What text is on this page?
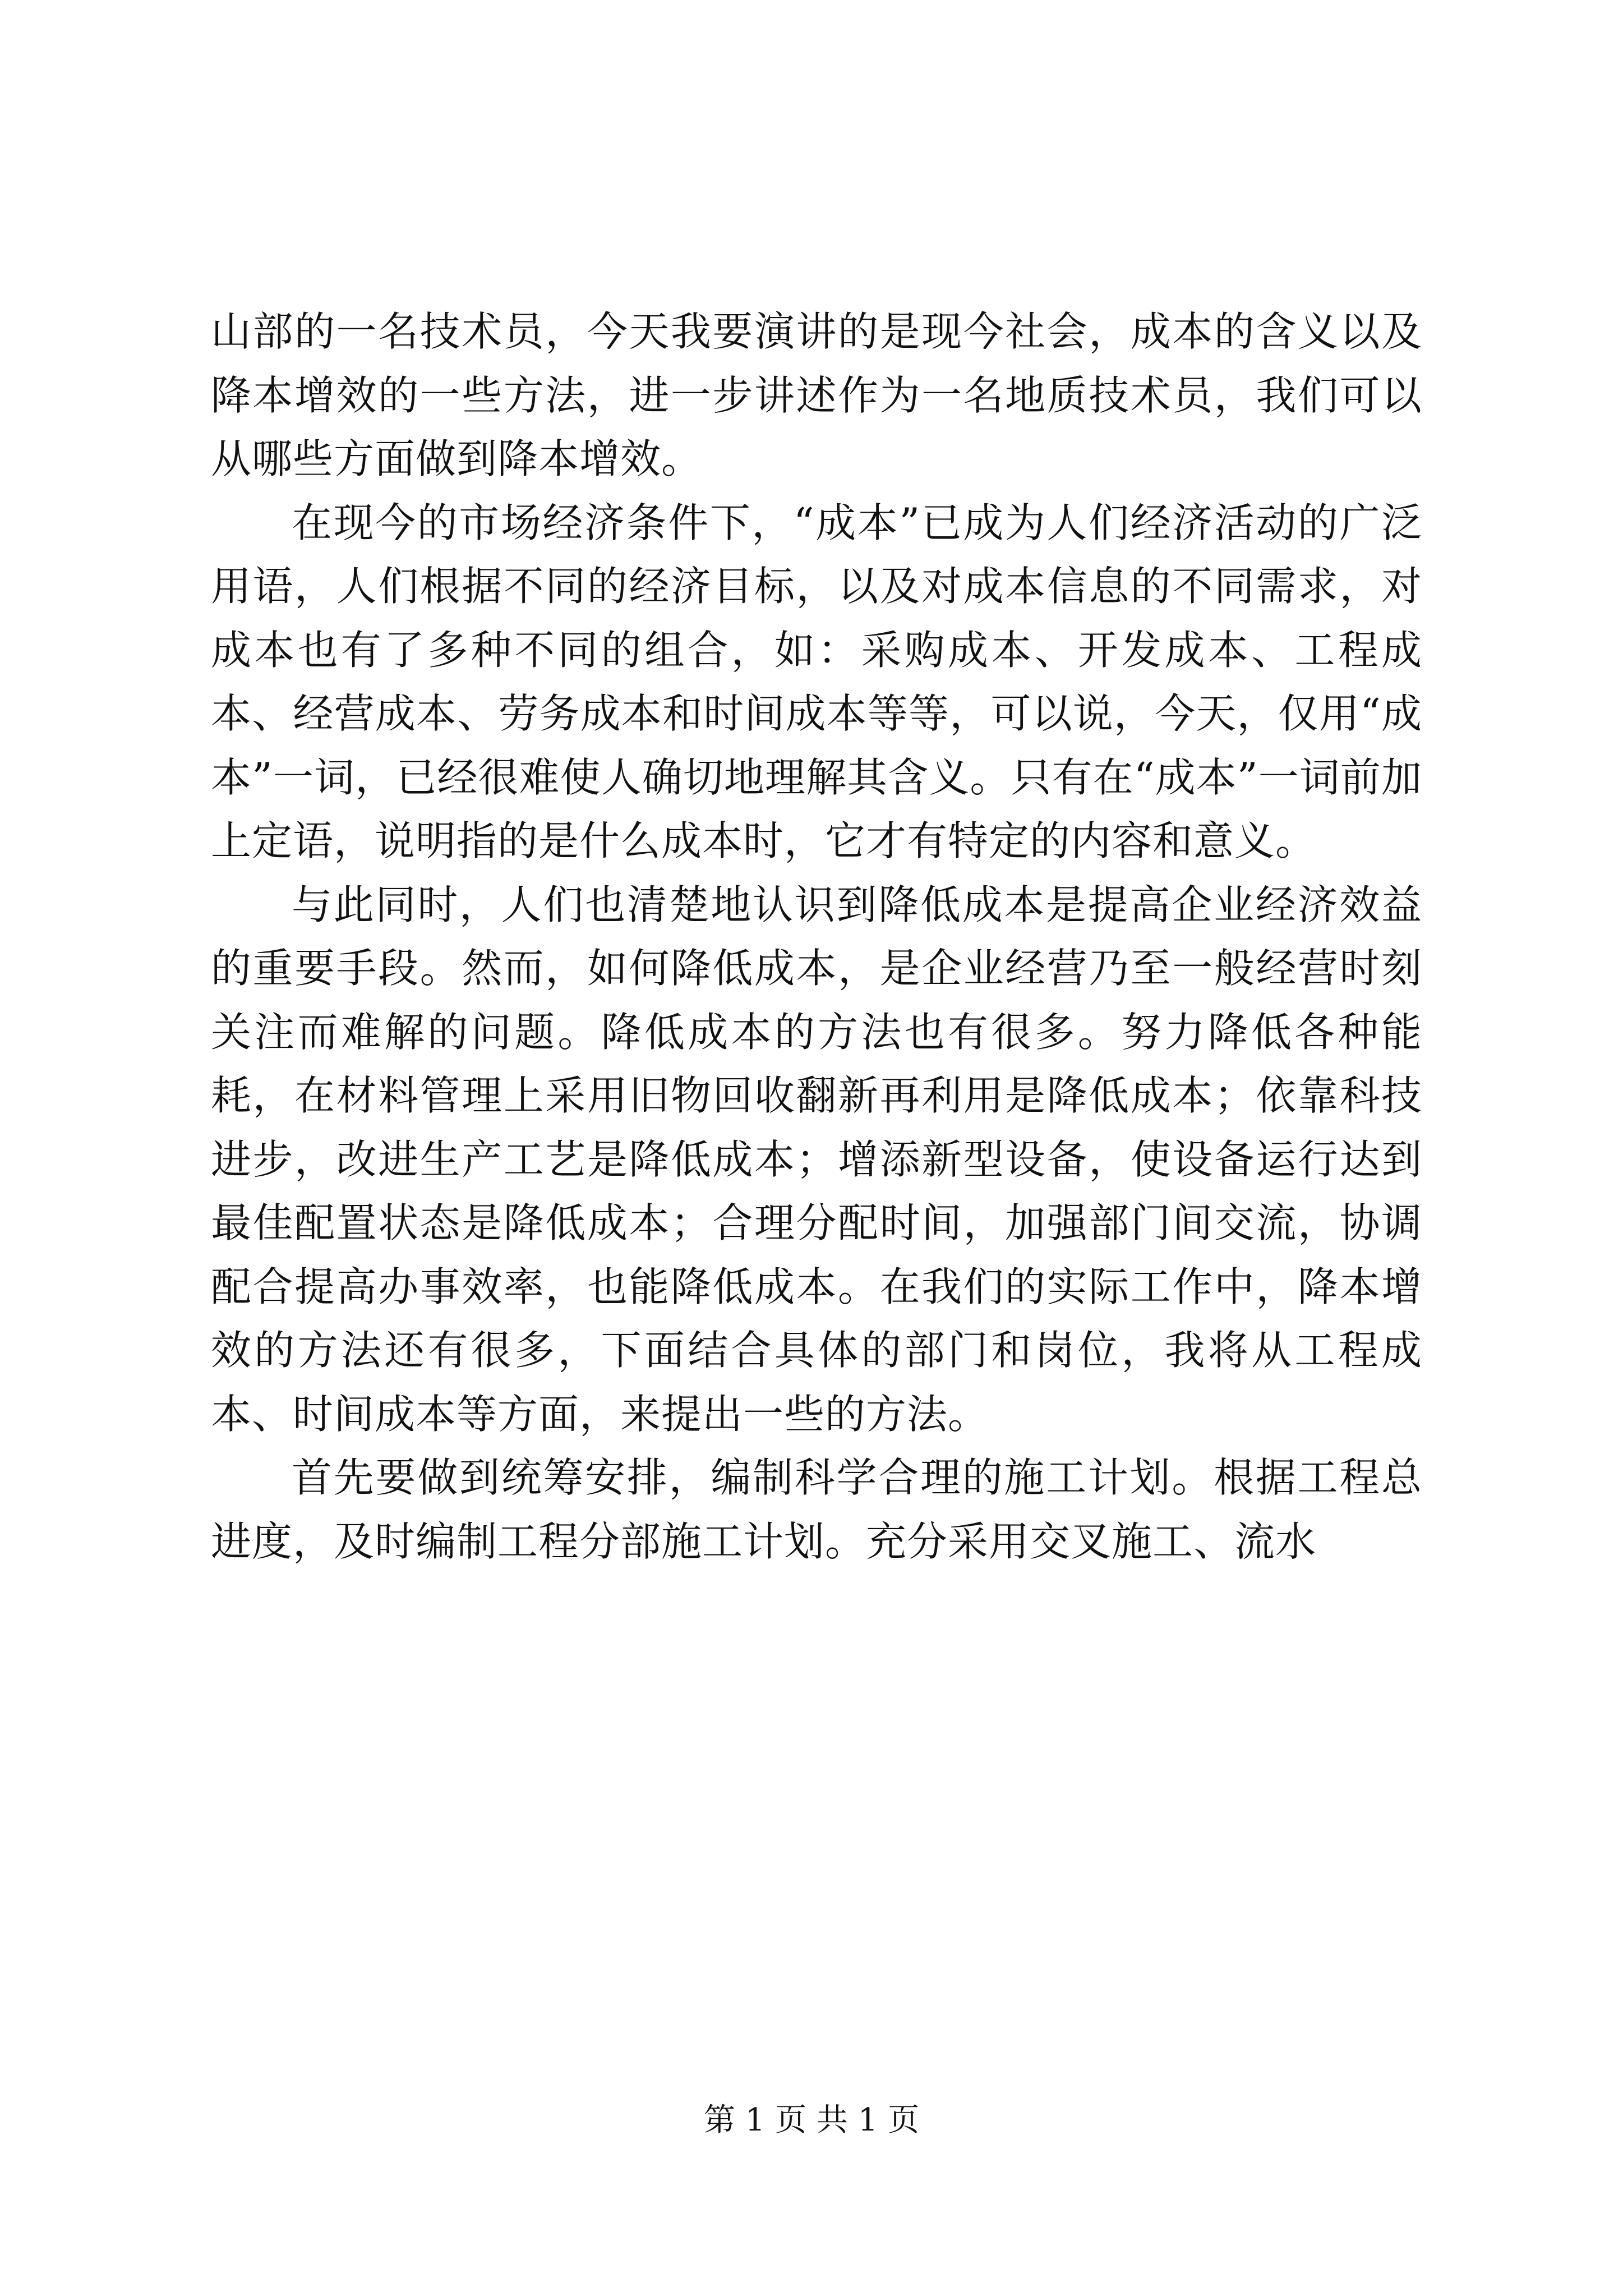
山部的一名技术员，今天我要演讲的是现今社会，成本的含义以及降本增效的一些方法，进一步讲述作为一名地质技术员，我们可以从哪些方面做到降本增效。

在现今的市场经济条件下，“成本”已成为人们经济活动的广泛用语，人们根据不同的经济目标，以及对成本信息的不同需求，对成本也有了多种不同的组合，如：采购成本、开发成本、工程成本、经营成本、劳务成本和时间成本等等，可以说，今天，仅用“成本”一词，已经很难使人确切地理解其含义。只有在“成本”一词前加上定语，说明指的是什么成本时，它才有特定的内容和意义。

与此同时，人们也清楚地认识到降低成本是提高企业经济效益的重要手段。然而，如何降低成本，是企业经营乃至一般经营时刻关注而难解的问题。降低成本的方法也有很多。努力降低各种能耗，在材料管理上采用旧物回收翻新再利用是降低成本；依靠科技进步，改进生产工艺是降低成本；增添新型设备，使设备运行达到最佳配置状态是降低成本；合理分配时间，加强部门间交流，协调配合提高办事效率，也能降低成本。在我们的实际工作中，降本增效的方法还有很多，下面结合具体的部门和岗位，我将从工程成本、时间成本等方面，来提出一些的方法。

首先要做到统筹安排，编制科学合理的施工计划。根据工程总进度，及时编制工程分部施工计划。充分采用交叉施工、流水

第 1 页 共 1 页
